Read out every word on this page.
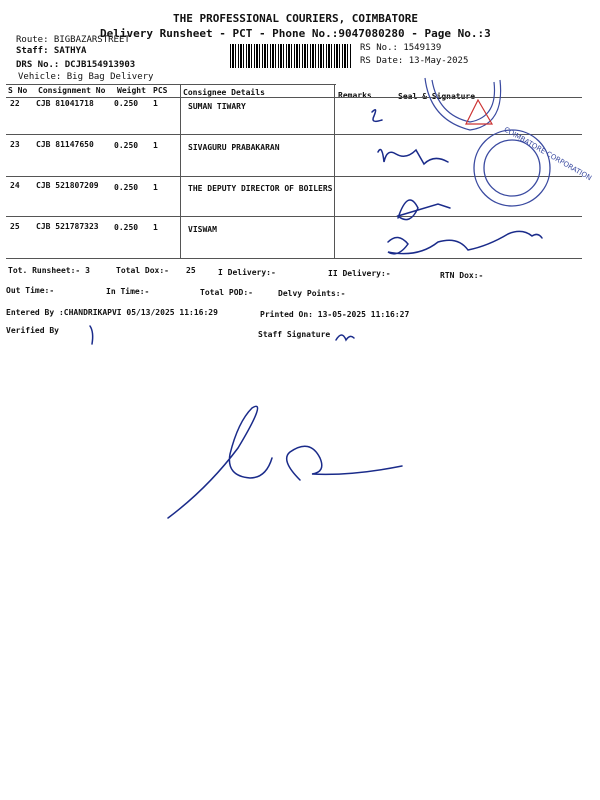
THE PROFESSIONAL COURIERS, COIMBATORE
Delivery Runsheet - PCT - Phone No.:9047080280 - Page No.:3
Route: BIGBAZARSTREET
Staff: SATHYA
DRS No.: DCJB154913903
Vehicle: Big Bag Delivery
RS No.: 1549139
RS Date: 13-May-2025
S No Consignment No Weight PCS Consignee Details	Remarks	Seal & Signature
22 CJB 81041718	0.250 1	SUMAN TIWARY
23 CJB 81147650	0.250 1	SIVAGURU PRABAKARAN
24 CJB 521807209 0.250 1	THE DEPUTY DIRECTOR OF BOILERS
25 CJB 521787323 0.250 1	VISWAM
Tot. Runsheet:- 3	Total Dox:- 25	I Delivery:-	II Delivery:-	RTN Dox:-
Out Time:-	In Time:-	Total POD:-	Delvy Points:-
Entered By :CHANDRIKAPVI 05/13/2025 11:16:29	Printed On: 13-05-2025 11:16:27
Verified By	Staff Signature
COIMBATORE CORPORATION
